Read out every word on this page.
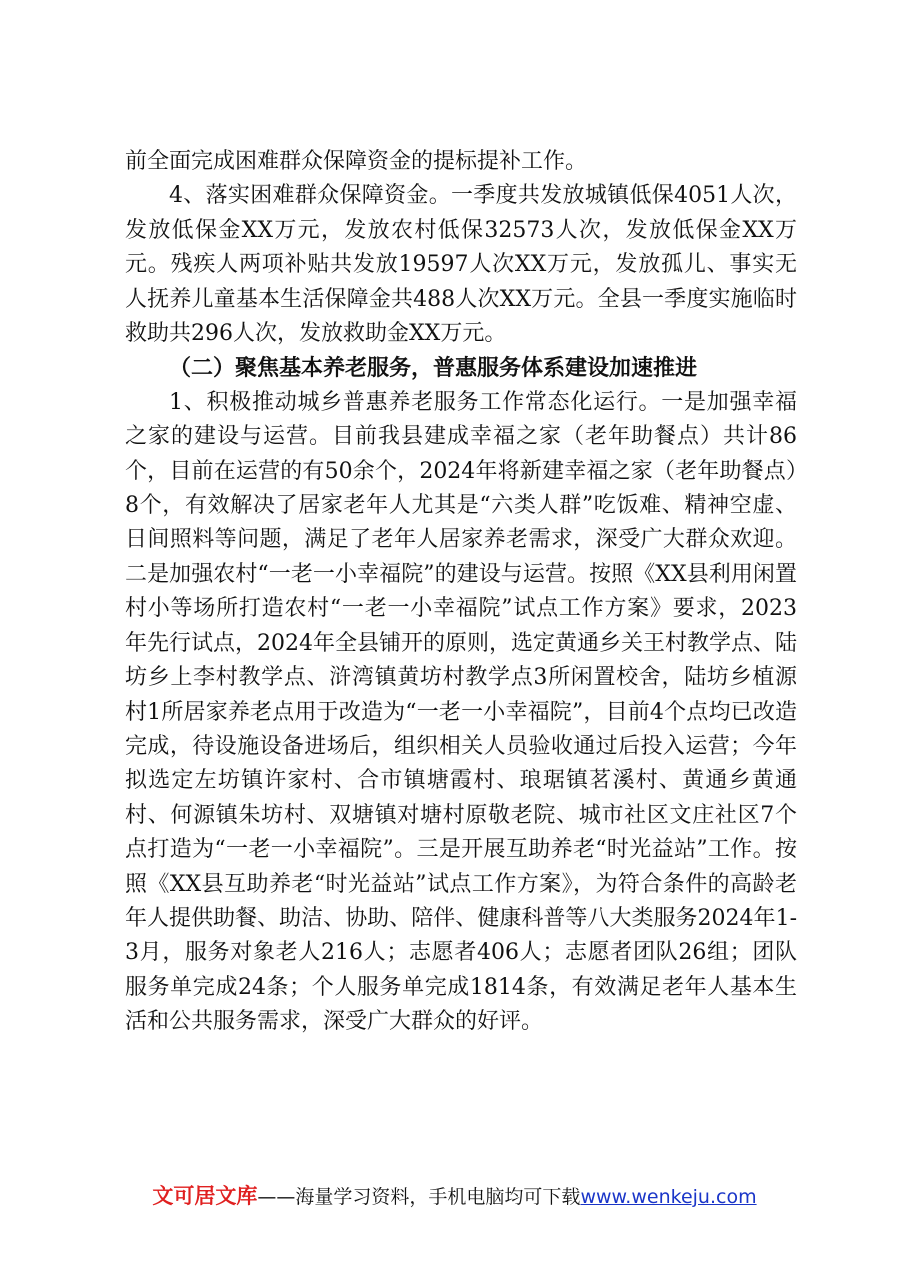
前全面完成困难群众保障资金的提标提补工作。

4、落实困难群众保障资金。一季度共发放城镇低保4051人次，发放低保金XX万元，发放农村低保32573人次，发放低保金XX万元。残疾人两项补贴共发放19597人次XX万元，发放孤儿、事实无人抚养儿童基本生活保障金共488人次XX万元。全县一季度实施临时救助共296人次，发放救助金XX万元。

（二）聚焦基本养老服务，普惠服务体系建设加速推进

1、积极推动城乡普惠养老服务工作常态化运行。一是加强幸福之家的建设与运营。目前我县建成幸福之家（老年助餐点）共计86个，目前在运营的有50余个，2024年将新建幸福之家（老年助餐点）8个，有效解决了居家老年人尤其是“六类人群”吃饭难、精神空虚、日间照料等问题，满足了老年人居家养老需求，深受广大群众欢迎。二是加强农村“一老一小幸福院”的建设与运营。按照《XX县利用闲置村小等场所打造农村“一老一小幸福院”试点工作方案》要求，2023年先行试点，2024年全县铺开的原则，选定黄通乡关王村教学点、陆坊乡上李村教学点、浒湾镇黄坊村教学点3所闲置校舍，陆坊乡植源村1所居家养老点用于改造为“一老一小幸福院”，目前4个点均已改造完成，待设施设备进场后，组织相关人员验收通过后投入运营；今年拟选定左坊镇许家村、合市镇塘霞村、琅琚镇茗溪村、黄通乡黄通村、何源镇朱坊村、双塘镇对塘村原敬老院、城市社区文庄社区7个点打造为“一老一小幸福院”。三是开展互助养老“时光益站”工作。按照《XX县互助养老“时光益站”试点工作方案》，为符合条件的高龄老年人提供助餐、助洁、协助、陪伴、健康科普等八大类服务2024年1-3月，服务对象老人216人；志愿者406人；志愿者团队26组；团队服务单完成24条；个人服务单完成1814条，有效满足老年人基本生活和公共服务需求，深受广大群众的好评。

文可居文库——海量学习资料，手机电脑均可下载www.wenkeju.com
